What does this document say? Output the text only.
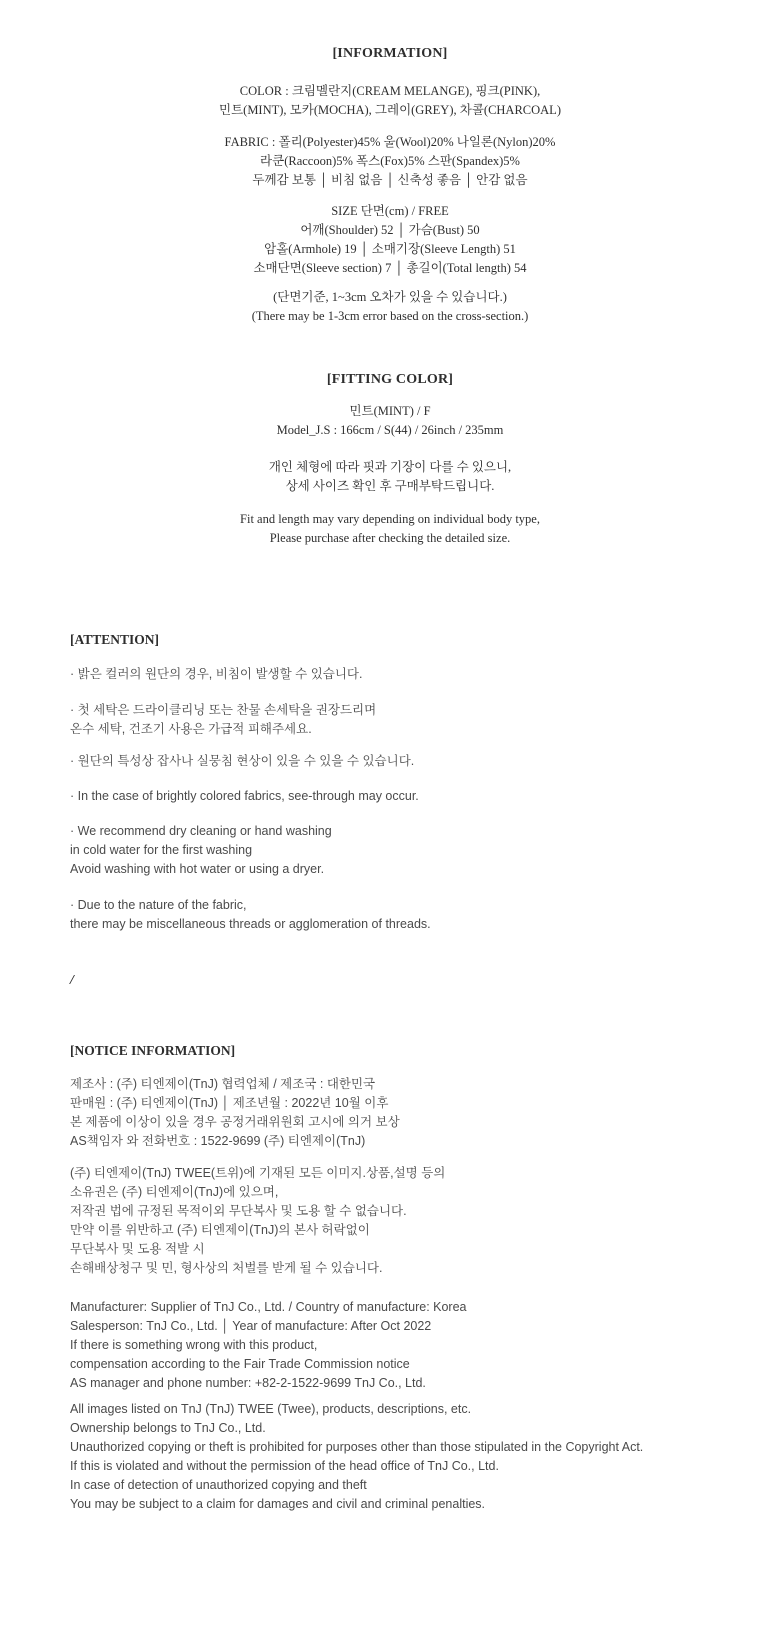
[INFORMATION]
COLOR : 크림멜란지(CREAM MELANGE), 핑크(PINK),
민트(MINT), 모카(MOCHA), 그레이(GREY), 차콜(CHARCOAL)
FABRIC : 폴리(Polyester)45% 울(Wool)20% 나일론(Nylon)20%
라쿤(Raccoon)5% 폭스(Fox)5% 스판(Spandex)5%
두께감 보통 │ 비침 없음 │ 신축성 좋음 │ 안감 없음
SIZE 단면(cm) / FREE
어깨(Shoulder) 52 │ 가슴(Bust) 50
암홀(Armhole) 19 │ 소매기장(Sleeve Length) 51
소매단면(Sleeve section) 7 │ 총길이(Total length) 54
(단면기준, 1~3cm 오차가 있을 수 있습니다.)
(There may be 1-3cm error based on the cross-section.)
[FITTING COLOR]
민트(MINT) / F
Model_J.S : 166cm / S(44) / 26inch / 235mm
개인 체형에 따라 핏과 기장이 다를 수 있으니,
상세 사이즈 확인 후 구매부탁드립니다.
Fit and length may vary depending on individual body type,
Please purchase after checking the detailed size.
[ATTENTION]
· 밝은 컬러의 원단의 경우, 비침이 발생할 수 있습니다.
· 첫 세탁은 드라이클리닝 또는 찬물 손세탁을 권장드리며
온수 세탁, 건조기 사용은 가급적 피해주세요.
· 원단의 특성상 잡사나 실뭉침 현상이 있을 수 있을 수 있습니다.
· In the case of brightly colored fabrics, see-through may occur.
· We recommend dry cleaning or hand washing
in cold water for the first washing
Avoid washing with hot water or using a dryer.
· Due to the nature of the fabric,
there may be miscellaneous threads or agglomeration of threads.
/
[NOTICE INFORMATION]
제조사 : (주) 티엔제이(TnJ) 협력업체 / 제조국 : 대한민국
판매원 : (주) 티엔제이(TnJ) │ 제조년월 : 2022년 10월 이후
본 제품에 이상이 있을 경우 공정거래위원회 고시에 의거 보상
AS책임자 와 전화번호 : 1522-9699 (주) 티엔제이(TnJ)
(주) 티엔제이(TnJ) TWEE(트위)에 기재된 모든 이미지.상품,설명 등의
소유권은 (주) 티엔제이(TnJ)에 있으며,
저작권 법에 규정된 목적이외 무단복사 및 도용 할 수 없습니다.
만약 이를 위반하고 (주) 티엔제이(TnJ)의 본사 허락없이
무단복사 및 도용 적발 시
손해배상청구 및 민, 형사상의 처벌를 받게 될 수 있습니다.
Manufacturer: Supplier of TnJ Co., Ltd. / Country of manufacture: Korea
Salesperson: TnJ Co., Ltd. │ Year of manufacture: After Oct 2022
If there is something wrong with this product,
compensation according to the Fair Trade Commission notice
AS manager and phone number: +82-2-1522-9699 TnJ Co., Ltd.
All images listed on TnJ (TnJ) TWEE (Twee), products, descriptions, etc.
Ownership belongs to TnJ Co., Ltd.
Unauthorized copying or theft is prohibited for purposes other than those stipulated in the Copyright Act.
If this is violated and without the permission of the head office of TnJ Co., Ltd.
In case of detection of unauthorized copying and theft
You may be subject to a claim for damages and civil and criminal penalties.
